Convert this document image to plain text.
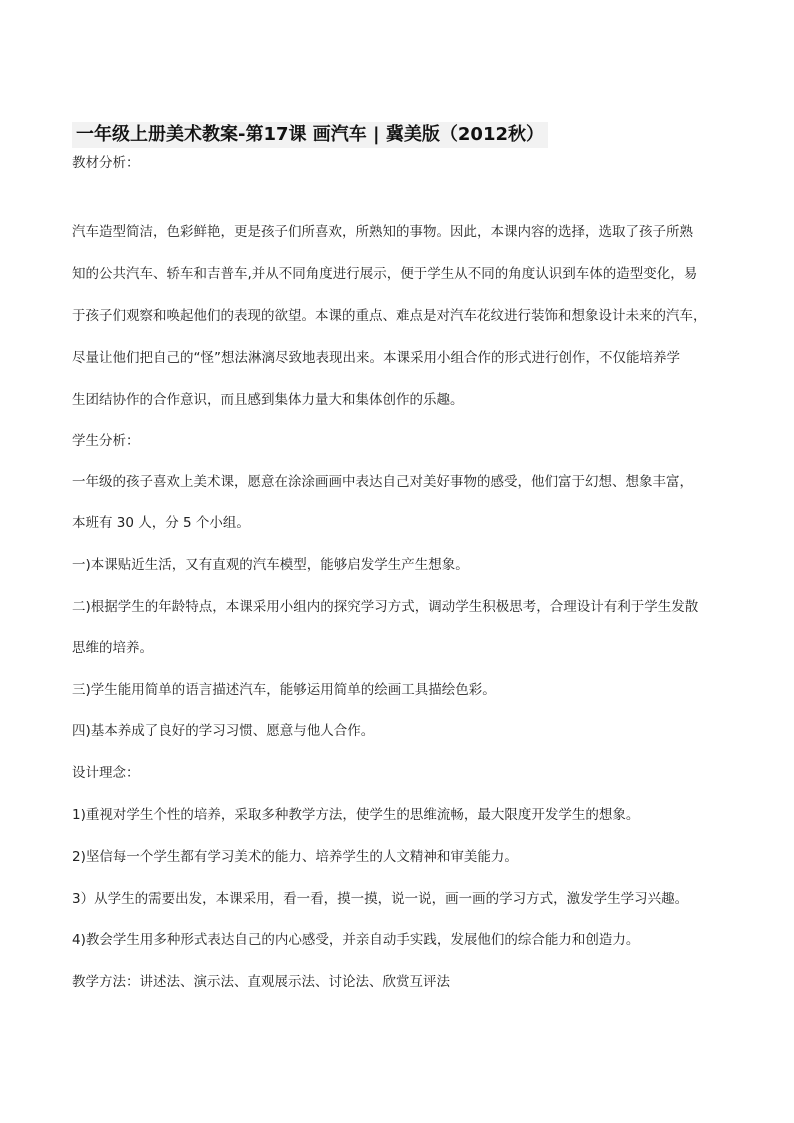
一年级上册美术教案-第17课 画汽车 | 冀美版（2012秋）
教材分析：
汽车造型简洁，色彩鲜艳，更是孩子们所喜欢，所熟知的事物。因此，本课内容的选择，选取了孩子所熟
知的公共汽车、轿车和吉普车,并从不同角度进行展示，便于学生从不同的角度认识到车体的造型变化，易
于孩子们观察和唤起他们的表现的欲望。本课的重点、难点是对汽车花纹进行装饰和想象设计未来的汽车，
尽量让他们把自己的“怪”想法淋漓尽致地表现出来。本课采用小组合作的形式进行创作，不仅能培养学
生团结协作的合作意识，而且感到集体力量大和集体创作的乐趣。
学生分析：
一年级的孩子喜欢上美术课，愿意在涂涂画画中表达自己对美好事物的感受，他们富于幻想、想象丰富，
本班有 30 人，分 5 个小组。
一)本课贴近生活，又有直观的汽车模型，能够启发学生产生想象。
二)根据学生的年龄特点，本课采用小组内的探究学习方式，调动学生积极思考，合理设计有利于学生发散
思维的培养。
三)学生能用简单的语言描述汽车，能够运用简单的绘画工具描绘色彩。
四)基本养成了良好的学习习惯、愿意与他人合作。
设计理念：
1)重视对学生个性的培养，采取多种教学方法，使学生的思维流畅，最大限度开发学生的想象。
2)坚信每一个学生都有学习美术的能力、培养学生的人文精神和审美能力。
3）从学生的需要出发，本课采用，看一看，摸一摸，说一说，画一画的学习方式，激发学生学习兴趣。
4)教会学生用多种形式表达自己的内心感受，并亲自动手实践，发展他们的综合能力和创造力。
教学方法：讲述法、演示法、直观展示法、讨论法、欣赏互评法
